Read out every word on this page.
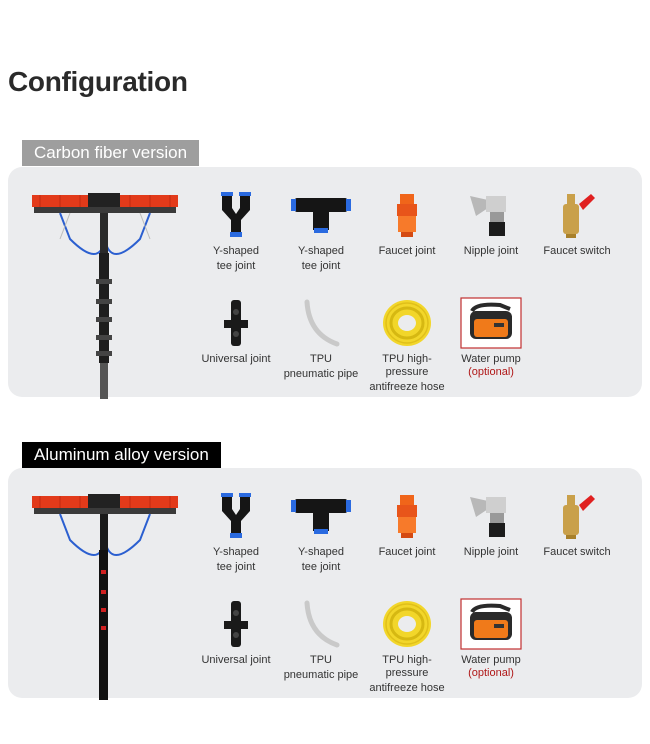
Configuration
Carbon fiber version
Y-shaped
tee joint
Y-shaped
tee joint
Faucet joint	Nipple joint	Faucet switch
Universal joint	TPU
pneumatic pipe
TPU high-pressure
antifreeze hose
Water pump
(optional)
Aluminum alloy version
Y-shaped
tee joint
Y-shaped
tee joint
Faucet joint	Nipple joint	Faucet switch
Universal joint	TPU
pneumatic pipe
TPU high-pressure
antifreeze hose
Water pump
(optional)
